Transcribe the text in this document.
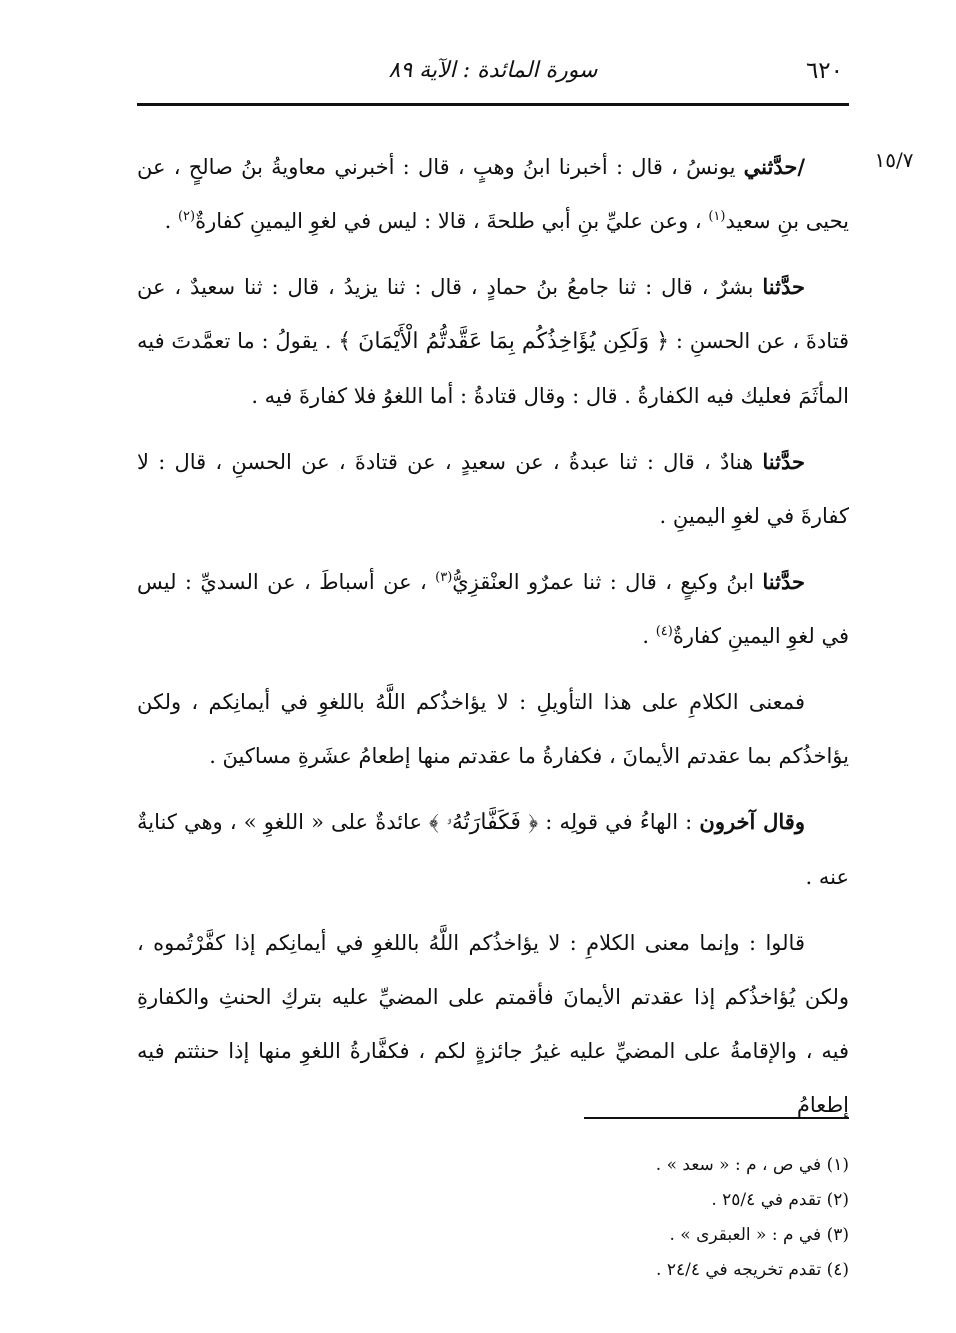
٦٢٠
سورة المائدة : الآية ٨٩
١٥/٧

/حدَّثني يونسُ ، قال : أخبرنا ابنُ وهبٍ ، قال : أخبرني معاويةُ بنُ صالحٍ ، عن يحيى بنِ سعيد$^{(١)}$ ، وعن عليِّ بنِ أبي طلحةَ ، قالا : ليس في لغوِ اليمينِ كفارةٌ$^{(٢)}$ .

حدَّثنا بشرٌ ، قال : ثنا جامعُ بنُ حمادٍ ، قال : ثنا يزيدُ ، قال : ثنا سعيدٌ ، عن قتادةَ ، عن الحسنِ : ﴿ وَلَكِن يُؤَاخِذُكُم بِمَا عَقَّدتُّمُ الْأَيْمَانَ ﴾ . يقولُ : ما تعمَّدتَ فيه المأثَمَ فعليك فيه الكفارةُ . قال : وقال قتادةُ : أما اللغوُ فلا كفارةَ فيه .

حدَّثنا هنادٌ ، قال : ثنا عبدةُ ، عن سعيدٍ ، عن قتادةَ ، عن الحسنِ ، قال : لا كفارةَ في لغوِ اليمينِ .

حدَّثنا ابنُ وكيعٍ ، قال : ثنا عمرٌو العنْقزِيُّ$^{(٣)}$ ، عن أسباطَ ، عن السديِّ : ليس في لغوِ اليمينِ كفارةٌ$^{(٤)}$ .

فمعنى الكلامِ على هذا التأويلِ : لا يؤاخذُكم اللَّهُ باللغوِ في أيمانِكم ، ولكن يؤاخذُكم بما عقدتم الأيمانَ ، فكفارةُ ما عقدتم منها إطعامُ عشَرةِ مساكينَ .

وقال آخرون : الهاءُ في قولِه : ﴿ فَكَفَّارَتُهُۥ ﴾ عائدةٌ على « اللغوِ » ، وهي كنايةٌ عنه .

قالوا : وإنما معنى الكلامِ : لا يؤاخذُكم اللَّهُ باللغوِ في أيمانِكم إذا كفَّرْتُموه ، ولكن يُؤاخذُكم إذا عقدتم الأيمانَ فأقمتم على المضيِّ عليه بتركِ الحنثِ والكفارةِ فيه ، والإقامةُ على المضيِّ عليه غيرُ جائزةٍ لكم ، فكفَّارةُ اللغوِ منها إذا حنثتم فيه إطعامُ

(١) في ص ، م : « سعد » .

(٢) تقدم في ٢٥/٤ .

(٣) في م : « العبقرى » .

(٤) تقدم تخريجه في ٢٤/٤ .
